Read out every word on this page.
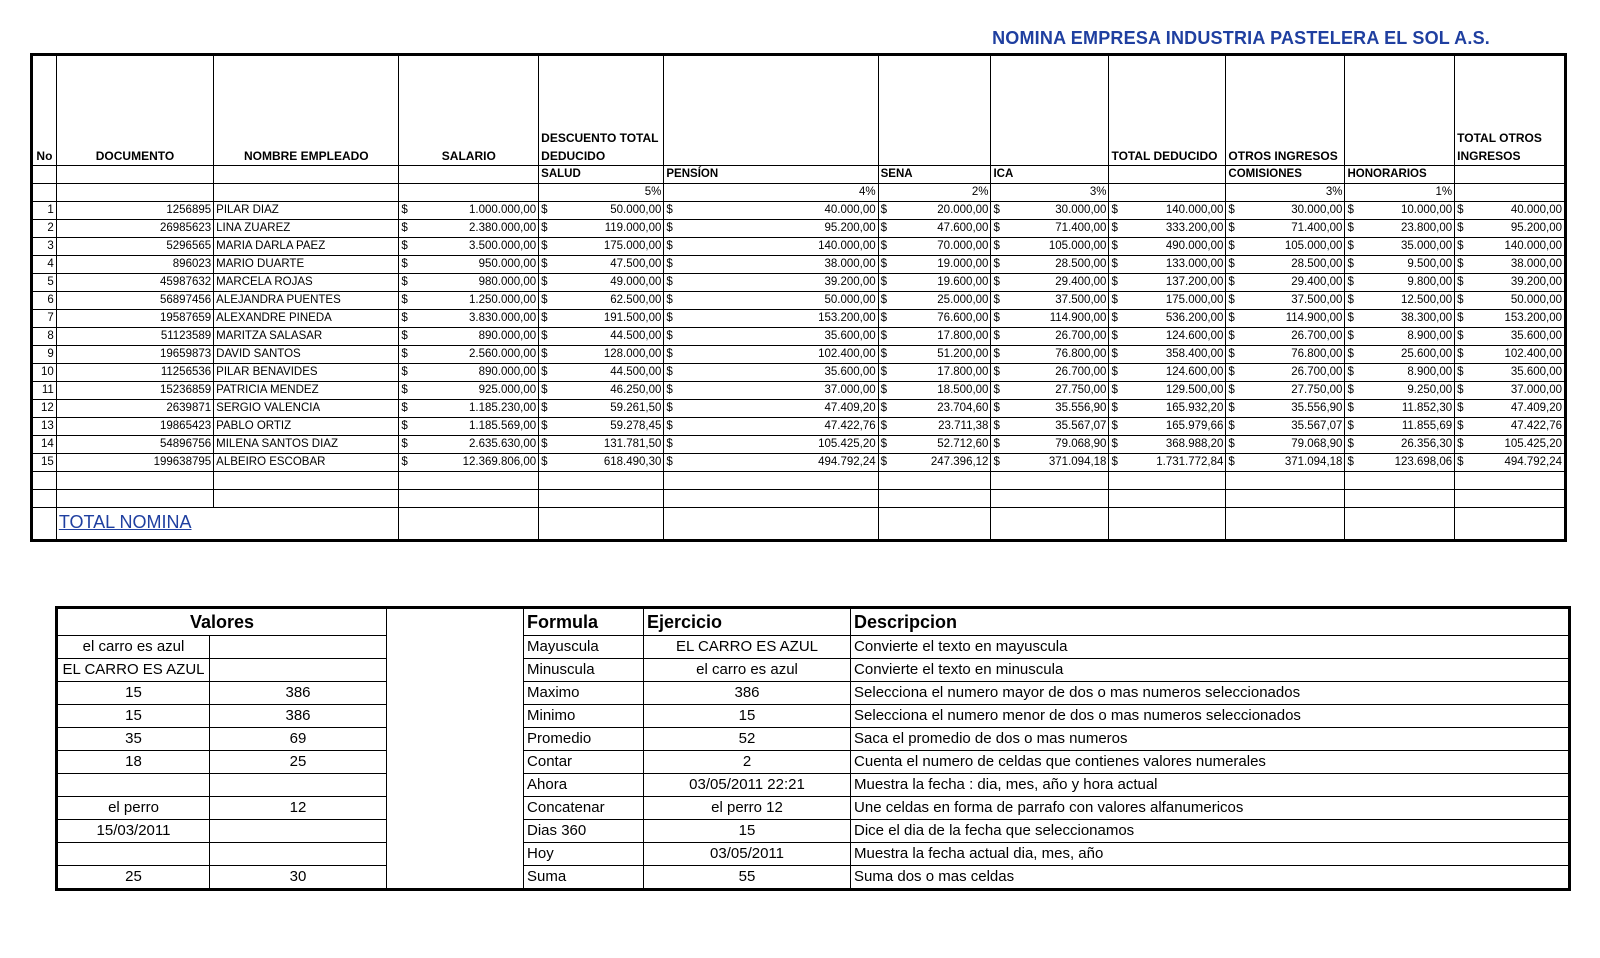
NOMINA EMPRESA INDUSTRIA PASTELERA EL SOL A.S.
No	DOCUMENTO	NOMBRE EMPLEADO	SALARIO	DESCUENTO TOTAL DEDUCIDO				TOTAL DEDUCIDO	OTROS INGRESOS		TOTAL OTROS INGRESOS
				SALUD	PENSÍON	SENA	ICA		COMISIONES	HONORARIOS	
				5%	4%	2%	3%		3%	1%	
1	1256895	PILAR DIAZ	$ 1.000.000,00	$ 50.000,00	$ 40.000,00	$ 20.000,00	$ 30.000,00	$ 140.000,00	$ 30.000,00	$ 10.000,00	$ 40.000,00
2	26985623	LINA ZUAREZ	$ 2.380.000,00	$ 119.000,00	$ 95.200,00	$ 47.600,00	$ 71.400,00	$ 333.200,00	$ 71.400,00	$ 23.800,00	$ 95.200,00
3	5296565	MARIA DARLA PAEZ	$ 3.500.000,00	$ 175.000,00	$ 140.000,00	$ 70.000,00	$ 105.000,00	$ 490.000,00	$ 105.000,00	$ 35.000,00	$ 140.000,00
4	896023	MARIO DUARTE	$ 950.000,00	$ 47.500,00	$ 38.000,00	$ 19.000,00	$ 28.500,00	$ 133.000,00	$ 28.500,00	$ 9.500,00	$ 38.000,00
5	45987632	MARCELA ROJAS	$ 980.000,00	$ 49.000,00	$ 39.200,00	$ 19.600,00	$ 29.400,00	$ 137.200,00	$ 29.400,00	$ 9.800,00	$ 39.200,00
6	56897456	ALEJANDRA PUENTES	$ 1.250.000,00	$ 62.500,00	$ 50.000,00	$ 25.000,00	$ 37.500,00	$ 175.000,00	$ 37.500,00	$ 12.500,00	$ 50.000,00
7	19587659	ALEXANDRE PINEDA	$ 3.830.000,00	$ 191.500,00	$ 153.200,00	$ 76.600,00	$ 114.900,00	$ 536.200,00	$ 114.900,00	$ 38.300,00	$ 153.200,00
8	51123589	MARITZA SALASAR	$ 890.000,00	$ 44.500,00	$ 35.600,00	$ 17.800,00	$ 26.700,00	$ 124.600,00	$ 26.700,00	$ 8.900,00	$ 35.600,00
9	19659873	DAVID SANTOS	$ 2.560.000,00	$ 128.000,00	$ 102.400,00	$ 51.200,00	$ 76.800,00	$ 358.400,00	$ 76.800,00	$ 25.600,00	$ 102.400,00
10	11256536	PILAR BENAVIDES	$ 890.000,00	$ 44.500,00	$ 35.600,00	$ 17.800,00	$ 26.700,00	$ 124.600,00	$ 26.700,00	$ 8.900,00	$ 35.600,00
11	15236859	PATRICIA MENDEZ	$ 925.000,00	$ 46.250,00	$ 37.000,00	$ 18.500,00	$ 27.750,00	$ 129.500,00	$ 27.750,00	$ 9.250,00	$ 37.000,00
12	2639871	SERGIO VALENCIA	$ 1.185.230,00	$ 59.261,50	$ 47.409,20	$ 23.704,60	$ 35.556,90	$ 165.932,20	$ 35.556,90	$ 11.852,30	$ 47.409,20
13	19865423	PABLO ORTIZ	$ 1.185.569,00	$ 59.278,45	$ 47.422,76	$ 23.711,38	$ 35.567,07	$ 165.979,66	$ 35.567,07	$ 11.855,69	$ 47.422,76
14	54896756	MILENA SANTOS DIAZ	$ 2.635.630,00	$ 131.781,50	$ 105.425,20	$ 52.712,60	$ 79.068,90	$ 368.988,20	$ 79.068,90	$ 26.356,30	$ 105.425,20
15	199638795	ALBEIRO ESCOBAR	$ 12.369.806,00	$ 618.490,30	$ 494.792,24	$ 247.396,12	$ 371.094,18	$ 1.731.772,84	$ 371.094,18	$ 123.698,06	$ 494.792,24

	TOTAL NOMINA										
Valores			Formula	Ejercicio	Descripcion
el carro es azul			Mayuscula	EL CARRO ES AZUL	Convierte el texto en mayuscula
EL CARRO ES AZUL			Minuscula	el carro es azul	Convierte el texto en minuscula
15	386		Maximo	386	Selecciona el numero mayor de dos o mas numeros seleccionados
15	386		Minimo	15	Selecciona el numero menor de dos o mas numeros seleccionados
35	69		Promedio	52	Saca el promedio de dos o mas numeros
18	25		Contar	2	Cuenta el numero de celdas que contienes valores numerales
			Ahora	03/05/2011 22:21	Muestra la fecha : dia, mes, año y hora actual
el perro	12		Concatenar	el perro 12	Une celdas en forma de parrafo con valores alfanumericos
15/03/2011			Dias 360	15	Dice el dia de la fecha que seleccionamos
			Hoy	03/05/2011	Muestra la fecha actual dia, mes, año
25	30		Suma	55	Suma dos o mas celdas
